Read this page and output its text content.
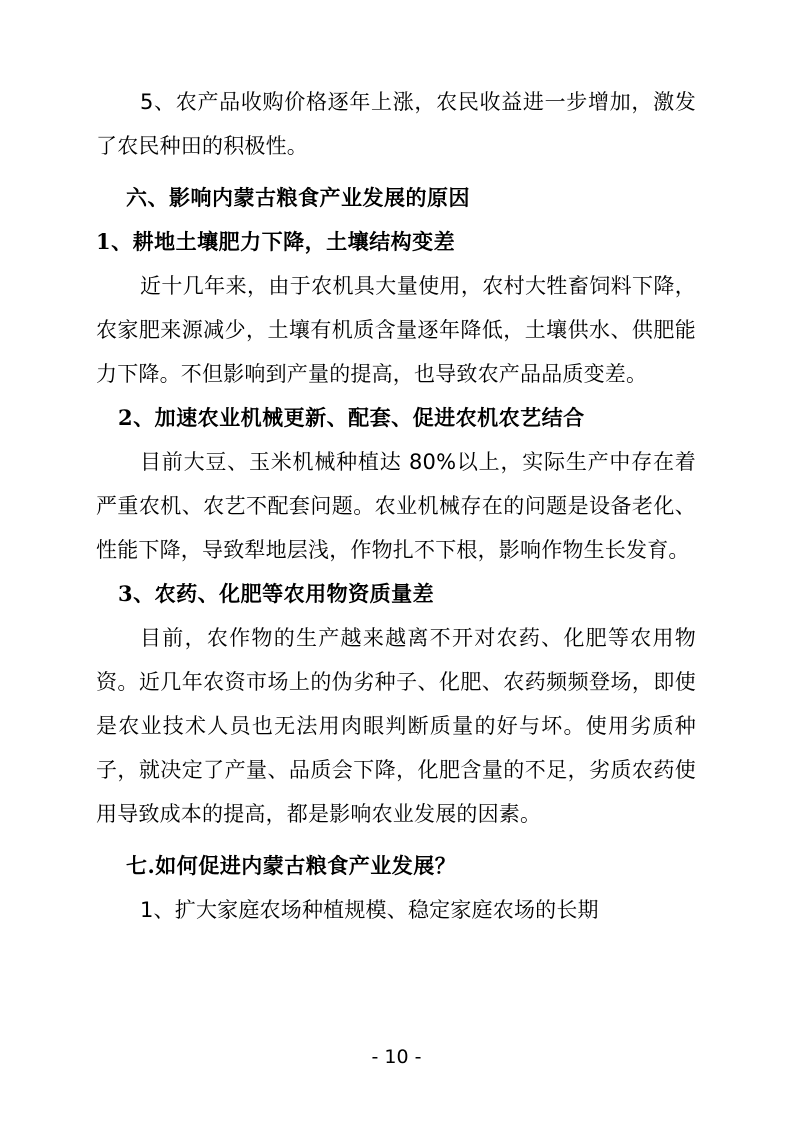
5、农产品收购价格逐年上涨，农民收益进一步增加，激发了农民种田的积极性。

六、影响内蒙古粮食产业发展的原因

1、耕地土壤肥力下降，土壤结构变差

近十几年来，由于农机具大量使用，农村大牲畜饲料下降，农家肥来源减少，土壤有机质含量逐年降低，土壤供水、供肥能力下降。不但影响到产量的提高，也导致农产品品质变差。

2、加速农业机械更新、配套、促进农机农艺结合

目前大豆、玉米机械种植达 80%以上，实际生产中存在着严重农机、农艺不配套问题。农业机械存在的问题是设备老化、性能下降，导致犁地层浅，作物扎不下根，影响作物生长发育。

3、农药、化肥等农用物资质量差

目前，农作物的生产越来越离不开对农药、化肥等农用物资。近几年农资市场上的伪劣种子、化肥、农药频频登场，即使是农业技术人员也无法用肉眼判断质量的好与坏。使用劣质种子，就决定了产量、品质会下降，化肥含量的不足，劣质农药使用导致成本的提高，都是影响农业发展的因素。

七.如何促进内蒙古粮食产业发展？

1、扩大家庭农场种植规模、稳定家庭农场的长期

- 10 -
